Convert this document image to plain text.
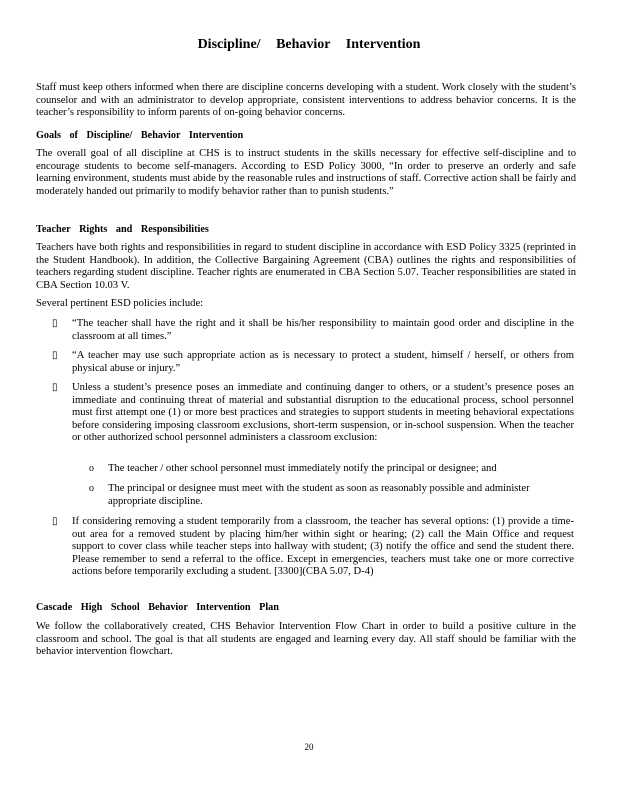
Discipline/ Behavior Intervention
Staff must keep others informed when there are discipline concerns developing with a student. Work closely with the student’s counselor and with an administrator to develop appropriate, consistent interventions to address behavior concerns. It is the teacher’s responsibility to inform parents of on-going behavior concerns.
Goals of Discipline/ Behavior Intervention
The overall goal of all discipline at CHS is to instruct students in the skills necessary for effective self-discipline and to encourage students to become self-managers. According to ESD Policy 3000, “In order to preserve an orderly and safe learning environment, students must abide by the reasonable rules and instructions of staff. Corrective action shall be fairly and moderately handed out primarily to modify behavior rather than to punish students.”
Teacher Rights and Responsibilities
Teachers have both rights and responsibilities in regard to student discipline in accordance with ESD Policy 3325 (reprinted in the Student Handbook). In addition, the Collective Bargaining Agreement (CBA) outlines the rights and responsibilities of teachers regarding student discipline. Teacher rights are enumerated in CBA Section 5.07. Teacher responsibilities are stated in CBA Section 10.03 V.
Several pertinent ESD policies include:
▯ “The teacher shall have the right and it shall be his/her responsibility to maintain good order and discipline in the classroom at all times.”
▯ “A teacher may use such appropriate action as is necessary to protect a student, himself / herself, or others from physical abuse or injury.”
▯ Unless a student’s presence poses an immediate and continuing danger to others, or a student’s presence poses an immediate and continuing threat of material and substantial disruption to the educational process, school personnel must first attempt one (1) or more best practices and strategies to support students in meeting behavioral expectations before considering imposing classroom exclusions, short-term suspension, or in-school suspension. When the teacher or other authorized school personnel administers a classroom exclusion:
o The teacher / other school personnel must immediately notify the principal or designee; and
o The principal or designee must meet with the student as soon as reasonably possible and administer appropriate discipline.
▯ If considering removing a student temporarily from a classroom, the teacher has several options: (1) provide a time-out area for a removed student by placing him/her within sight or hearing; (2) call the Main Office and request support to cover class while teacher steps into hallway with student; (3) notify the office and send the student there. Please remember to send a referral to the office. Except in emergencies, teachers must take one or more corrective actions before temporarily excluding a student. [3300](CBA 5.07, D-4)
Cascade High School Behavior Intervention Plan
We follow the collaboratively created, CHS Behavior Intervention Flow Chart in order to build a positive culture in the classroom and school. The goal is that all students are engaged and learning every day. All staff should be familiar with the behavior intervention flowchart.
20
